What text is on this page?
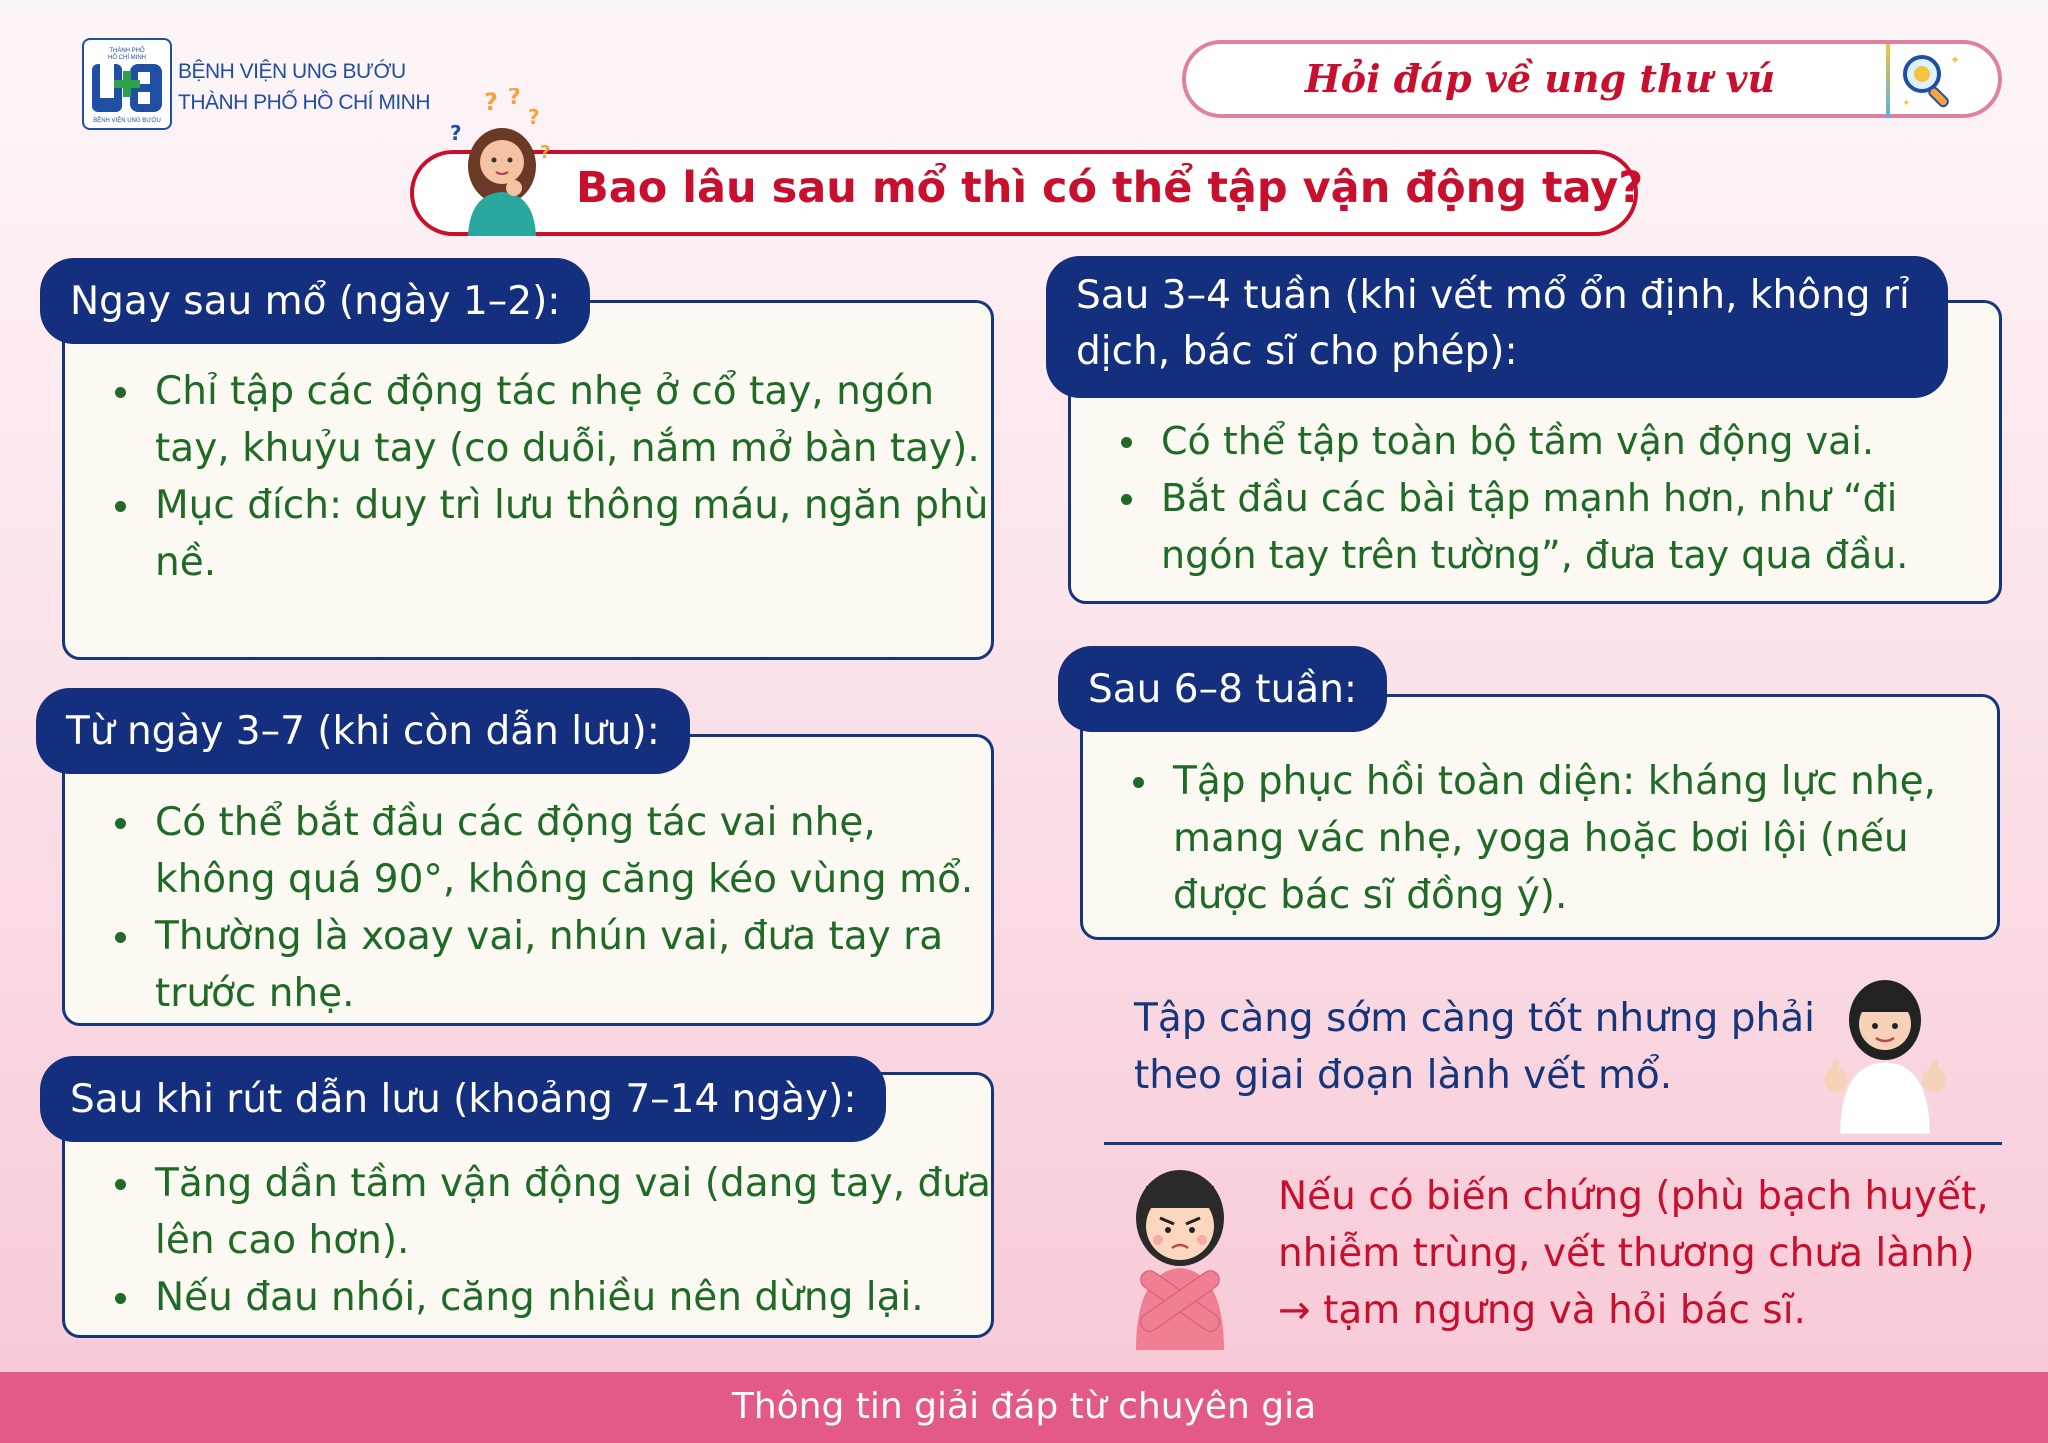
THÀNH PHỐ
HỒ CHÍ MINH
BỆNH VIỆN UNG BƯỚU
BỆNH VIỆN UNG BƯỚU
THÀNH PHỐ HỒ CHÍ MINH
Hỏi đáp về ung thư vú	✦
✦
? ?
?
?
?
Bao lâu sau mổ thì có thể tập vận động tay?
Chỉ tập các động tác nhẹ ở cổ tay, ngón tay, khuỷu tay (co duỗi, nắm mở bàn tay).
Mục đích: duy trì lưu thông máu, ngăn phù nề.
Ngay sau mổ (ngày 1–2):
Có thể bắt đầu các động tác vai nhẹ, không quá 90°, không căng kéo vùng mổ.
Thường là xoay vai, nhún vai, đưa tay ra trước nhẹ.
Từ ngày 3–7 (khi còn dẫn lưu):
Tăng dần tầm vận động vai (dang tay, đưa lên cao hơn).
Nếu đau nhói, căng nhiều nên dừng lại.
Sau khi rút dẫn lưu (khoảng 7–14 ngày):
Có thể tập toàn bộ tầm vận động vai.
Bắt đầu các bài tập mạnh hơn, như “đi ngón tay trên tường”, đưa tay qua đầu.
Sau 3–4 tuần (khi vết mổ ổn định, không rỉ dịch, bác sĩ cho phép):
Tập phục hồi toàn diện: kháng lực nhẹ, mang vác nhẹ, yoga hoặc bơi lội (nếu được bác sĩ đồng ý).
Sau 6–8 tuần:
Tập càng sớm càng tốt nhưng phải theo giai đoạn lành vết mổ.
Nếu có biến chứng (phù bạch huyết, nhiễm trùng, vết thương chưa lành) → tạm ngưng và hỏi bác sĩ.
Thông tin giải đáp từ chuyên gia
